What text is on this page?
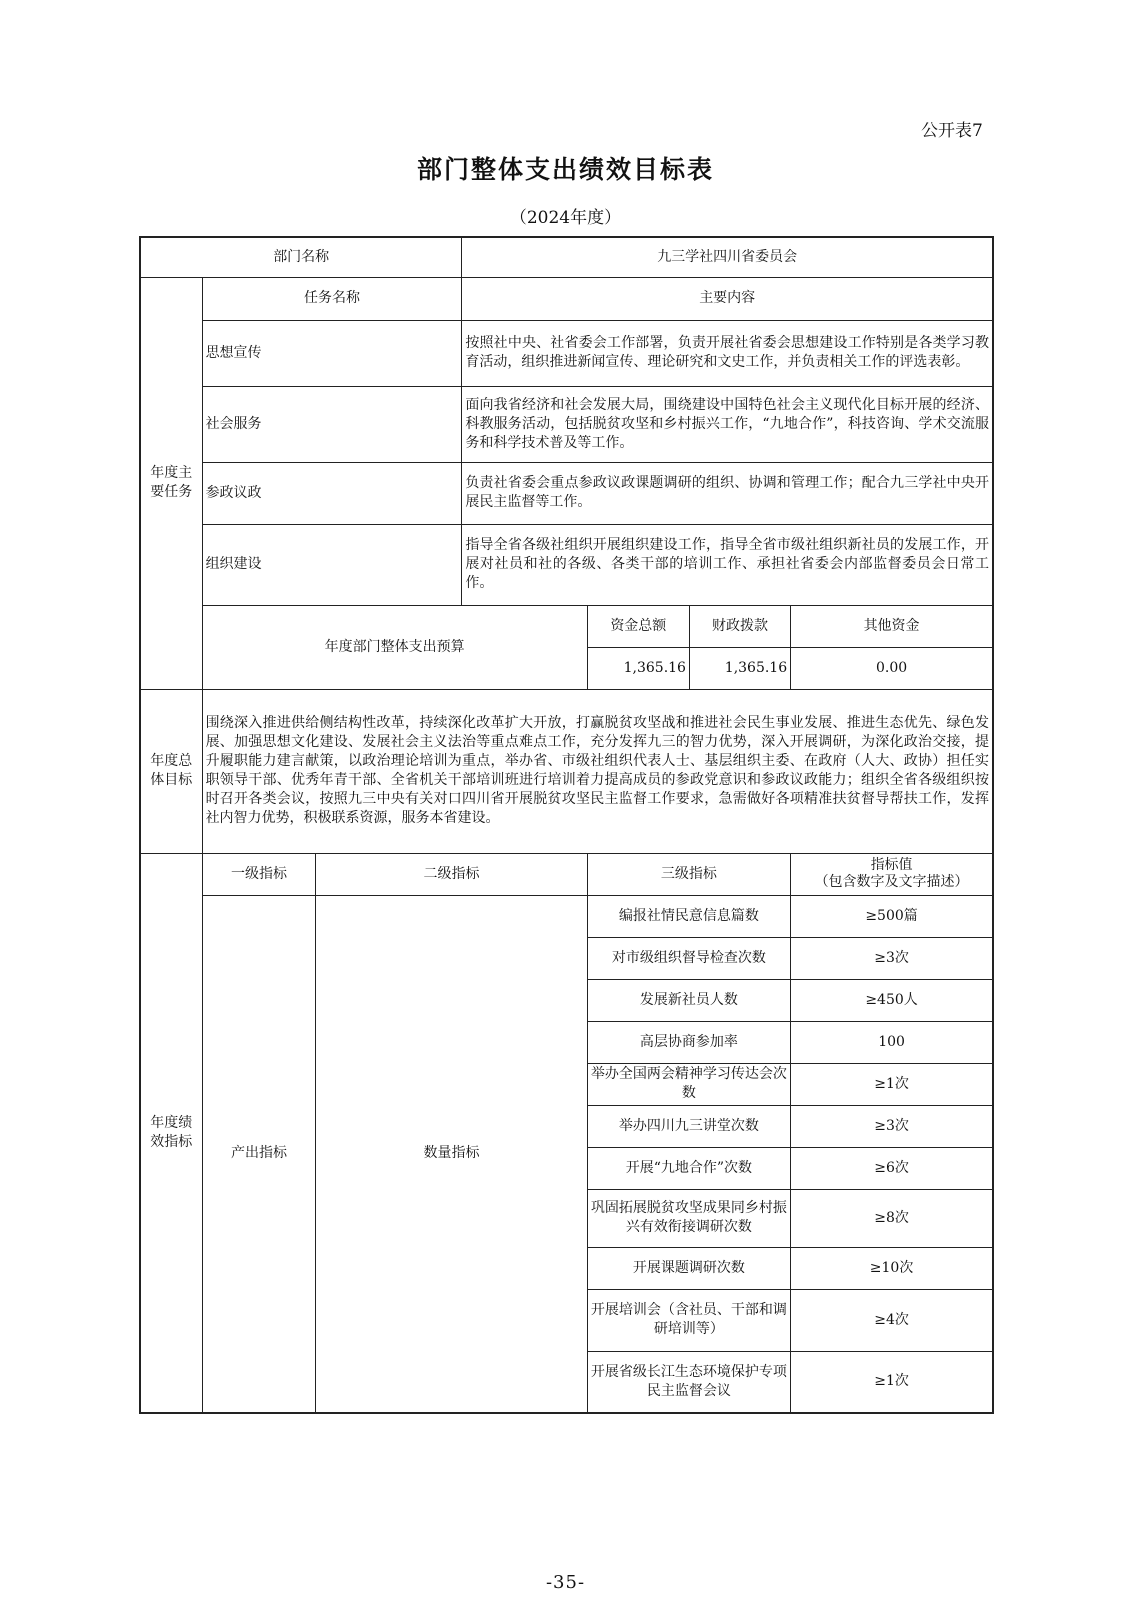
公开表7
部门整体支出绩效目标表
（2024年度）
部门名称			九三学社四川省委员会			
年度主要任务	任务名称		主要内容			
	思想宣传		按照社中央、社省委会工作部署，负责开展社省委会思想建设工作特别是各类学习教育活动，组织推进新闻宣传、理论研究和文史工作，并负责相关工作的评选表彰。			
	社会服务		面向我省经济和社会发展大局，围绕建设中国特色社会主义现代化目标开展的经济、科教服务活动，包括脱贫攻坚和乡村振兴工作，“九地合作”，科技咨询、学术交流服务和科学技术普及等工作。			
	参政议政		负责社省委会重点参政议政课题调研的组织、协调和管理工作；配合九三学社中央开展民主监督等工作。			
	组织建设		指导全省各级社组织开展组织建设工作，指导全省市级社组织新社员的发展工作，开展对社员和社的各级、各类干部的培训工作、承担社省委会内部监督委员会日常工作。			
	年度部门整体支出预算			资金总额	财政拨款	其他资金
				1,365.16	1,365.16	0.00
年度总体目标	围绕深入推进供给侧结构性改革，持续深化改革扩大开放，打赢脱贫攻坚战和推进社会民生事业发展、推进生态优先、绿色发展、加强思想文化建设、发展社会主义法治等重点难点工作，充分发挥九三的智力优势，深入开展调研，为深化政治交接，提升履职能力建言献策，以政治理论培训为重点，举办省、市级社组织代表人士、基层组织主委、在政府（人大、政协）担任实职领导干部、优秀年青干部、全省机关干部培训班进行培训着力提高成员的参政党意识和参政议政能力；组织全省各级组织按时召开各类会议，按照九三中央有关对口四川省开展脱贫攻坚民主监督工作要求，急需做好各项精准扶贫督导帮扶工作，发挥社内智力优势，积极联系资源，服务本省建设。					
年度绩效指标	一级指标	二级指标		三级指标		指标值
（包含数字及文字描述）

	产出指标	数量指标		编报社情民意信息篇数		≥500篇
				对市级组织督导检查次数		≥3次
				发展新社员人数		≥450人
				高层协商参加率		100
				举办全国两会精神学习传达会次数		≥1次
				举办四川九三讲堂次数		≥3次
				开展“九地合作”次数		≥6次
				巩固拓展脱贫攻坚成果同乡村振兴有效衔接调研次数		≥8次
				开展课题调研次数		≥10次
				开展培训会（含社员、干部和调研培训等）		≥4次
				开展省级长江生态环境保护专项民主监督会议		≥1次
-35-
